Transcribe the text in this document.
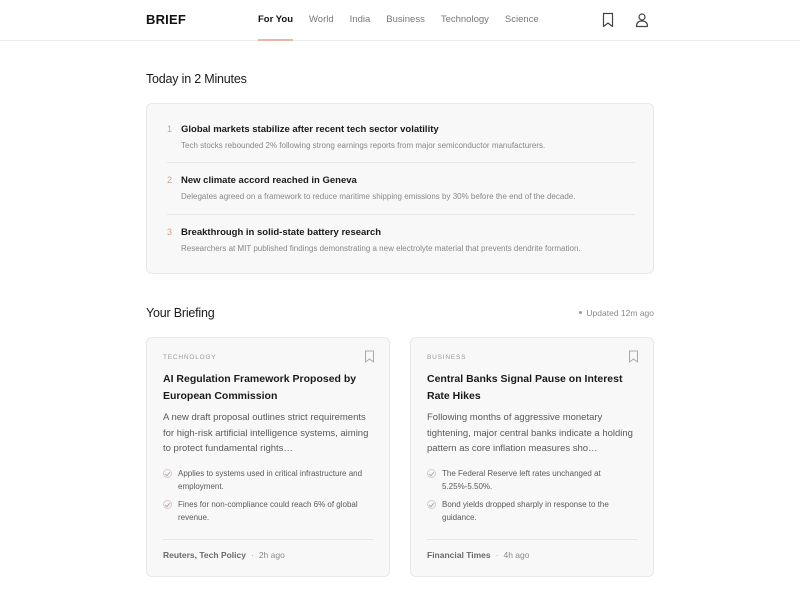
BRIEF	For You World India Business Technology Science
Today in 2 Minutes
1 Global markets stabilize after recent tech sector volatility
Tech stocks rebounded 2% following strong earnings reports from major semiconductor manufacturers.
2 New climate accord reached in Geneva
Delegates agreed on a framework to reduce maritime shipping emissions by 30% before the end of the decade.
3 Breakthrough in solid-state battery research
Researchers at MIT published findings demonstrating a new electrolyte material that prevents dendrite formation.
Your Briefing	Updated 12m ago
TECHNOLOGY
AI Regulation Framework Proposed by European Commission
A new draft proposal outlines strict requirements for high-risk artificial intelligence systems, aiming to protect fundamental rights…
Applies to systems used in critical infrastructure and employment.
Fines for non-compliance could reach 6% of global revenue.
Reuters, Tech Policy · 2h ago
BUSINESS
Central Banks Signal Pause on Interest Rate Hikes
Following months of aggressive monetary tightening, major central banks indicate a holding pattern as core inflation measures sho…
The Federal Reserve left rates unchanged at 5.25%-5.50%.
Bond yields dropped sharply in response to the guidance.
Financial Times · 4h ago
